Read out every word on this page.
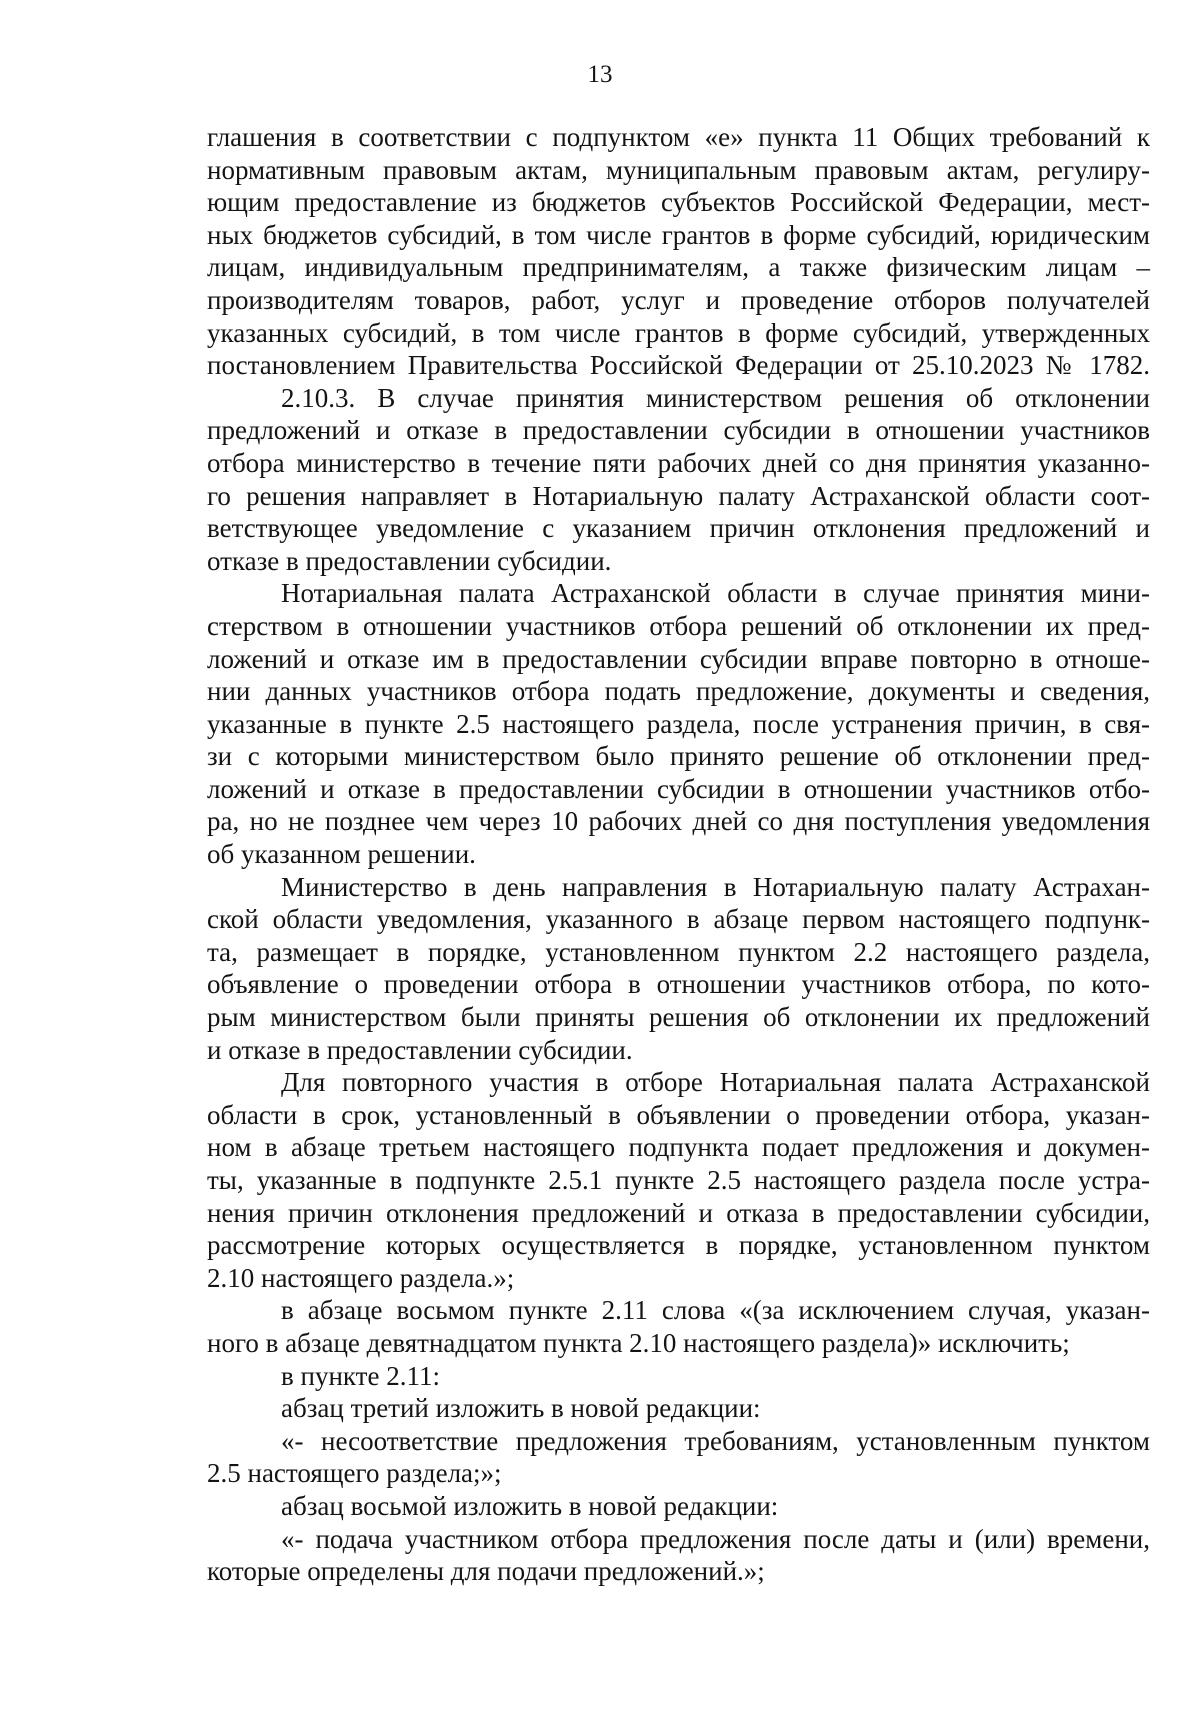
13
глашения в соответствии с подпунктом «е» пункта 11 Общих требований к
нормативным правовым актам, муниципальным правовым актам, регулиру-
ющим предоставление из бюджетов субъектов Российской Федерации, мест-
ных бюджетов субсидий, в том числе грантов в форме субсидий, юридическим
лицам, индивидуальным предпринимателям, а также физическим лицам –
производителям товаров, работ, услуг и проведение отборов получателей
указанных субсидий, в том числе грантов в форме субсидий, утвержденных
постановлением Правительства Российской Федерации от 25.10.2023 № 1782.
2.10.3. В случае принятия министерством решения об отклонении
предложений и отказе в предоставлении субсидии в отношении участников
отбора министерство в течение пяти рабочих дней со дня принятия указанно-
го решения направляет в Нотариальную палату Астраханской области соот-
ветствующее уведомление с указанием причин отклонения предложений и
отказе в предоставлении субсидии.
Нотариальная палата Астраханской области в случае принятия мини-
стерством в отношении участников отбора решений об отклонении их пред-
ложений и отказе им в предоставлении субсидии вправе повторно в отноше-
нии данных участников отбора подать предложение, документы и сведения,
указанные в пункте 2.5 настоящего раздела, после устранения причин, в свя-
зи с которыми министерством было принято решение об отклонении пред-
ложений и отказе в предоставлении субсидии в отношении участников отбо-
ра, но не позднее чем через 10 рабочих дней со дня поступления уведомления
об указанном решении.
Министерство в день направления в Нотариальную палату Астрахан-
ской области уведомления, указанного в абзаце первом настоящего подпунк-
та, размещает в порядке, установленном пунктом 2.2 настоящего раздела,
объявление о проведении отбора в отношении участников отбора, по кото-
рым министерством были приняты решения об отклонении их предложений
и отказе в предоставлении субсидии.
Для повторного участия в отборе Нотариальная палата Астраханской
области в срок, установленный в объявлении о проведении отбора, указан-
ном в абзаце третьем настоящего подпункта подает предложения и докумен-
ты, указанные в подпункте 2.5.1 пункте 2.5 настоящего раздела после устра-
нения причин отклонения предложений и отказа в предоставлении субсидии,
рассмотрение которых осуществляется в порядке, установленном пунктом
2.10 настоящего раздела.»;
в абзаце восьмом пункте 2.11 слова «(за исключением случая, указан-
ного в абзаце девятнадцатом пункта 2.10 настоящего раздела)» исключить;
в пункте 2.11:
абзац третий изложить в новой редакции:
«- несоответствие предложения требованиям, установленным пунктом
2.5 настоящего раздела;»;
абзац восьмой изложить в новой редакции:
«- подача участником отбора предложения после даты и (или) времени,
которые определены для подачи предложений.»;
